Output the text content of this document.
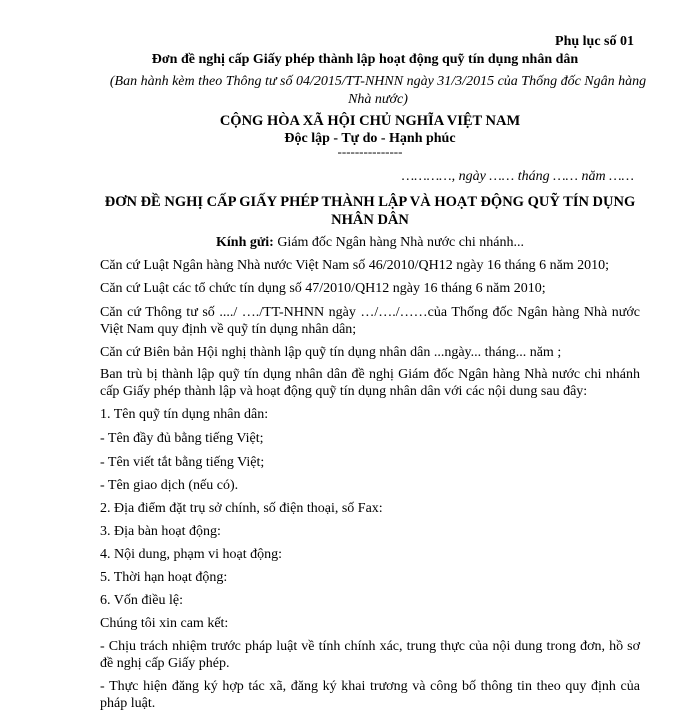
Phụ lục số 01
Đơn đề nghị cấp Giấy phép thành lập hoạt động quỹ tín dụng nhân dân
(Ban hành kèm theo Thông tư số 04/2015/TT-NHNN ngày 31/3/2015 của Thống đốc Ngân hàng Nhà nước)
CỘNG HÒA XÃ HỘI CHỦ NGHĨA VIỆT NAM
Độc lập - Tự do - Hạnh phúc
---------------
…………, ngày …… tháng …… năm ……
ĐƠN ĐỀ NGHỊ CẤP GIẤY PHÉP THÀNH LẬP VÀ HOẠT ĐỘNG QUỸ TÍN DỤNG NHÂN DÂN
Kính gửi: Giám đốc Ngân hàng Nhà nước chi nhánh...
Căn cứ Luật Ngân hàng Nhà nước Việt Nam số 46/2010/QH12 ngày 16 tháng 6 năm 2010;
Căn cứ Luật các tổ chức tín dụng số 47/2010/QH12 ngày 16 tháng 6 năm 2010;
Căn cứ Thông tư số ..../ …./TT-NHNN ngày …/…./……của Thống đốc Ngân hàng Nhà nước Việt Nam quy định về quỹ tín dụng nhân dân;
Căn cứ Biên bản Hội nghị thành lập quỹ tín dụng nhân dân ...ngày... tháng... năm ;
Ban trù bị thành lập quỹ tín dụng nhân dân đề nghị Giám đốc Ngân hàng Nhà nước chi nhánh cấp Giấy phép thành lập và hoạt động quỹ tín dụng nhân dân với các nội dung sau đây:
1. Tên quỹ tín dụng nhân dân:
- Tên đầy đủ bằng tiếng Việt;
- Tên viết tắt bằng tiếng Việt;
- Tên giao dịch (nếu có).
2. Địa điểm đặt trụ sở chính, số điện thoại, số Fax:
3. Địa bàn hoạt động:
4. Nội dung, phạm vi hoạt động:
5. Thời hạn hoạt động:
6. Vốn điều lệ:
Chúng tôi xin cam kết:
- Chịu trách nhiệm trước pháp luật về tính chính xác, trung thực của nội dung trong đơn, hồ sơ đề nghị cấp Giấy phép.
- Thực hiện đăng ký hợp tác xã, đăng ký khai trương và công bố thông tin theo quy định của pháp luật.
